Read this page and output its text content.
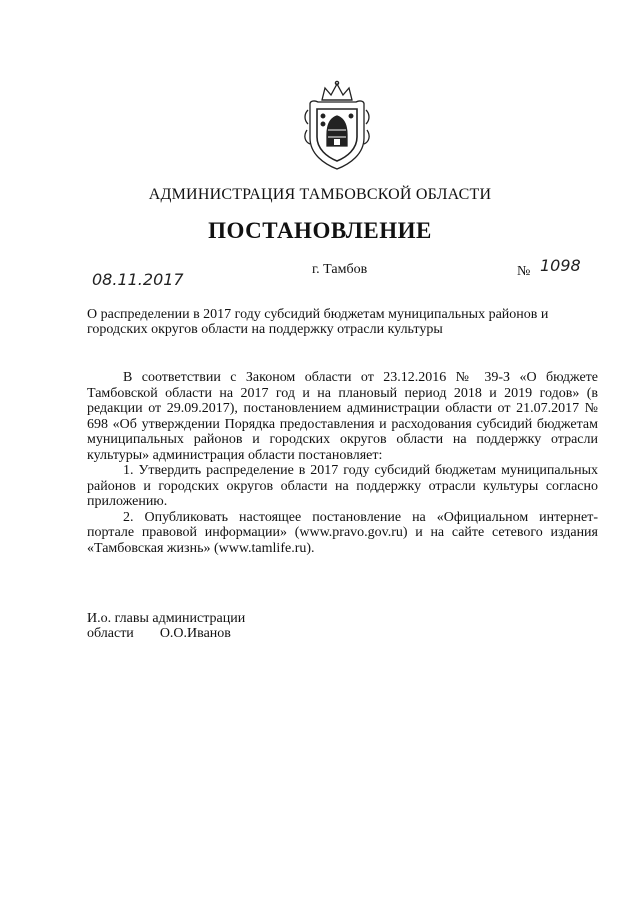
АДМИНИСТРАЦИЯ ТАМБОВСКОЙ ОБЛАСТИ
ПОСТАНОВЛЕНИЕ
08.11.2017
г. Тамбов	№ 1098
О распределении в 2017 году субсидий бюджетам муниципальных районов и городских округов области на поддержку отрасли культуры

В соответствии с Законом области от 23.12.2016 № 39-З «О бюджете Тамбовской области на 2017 год и на плановый период 2018 и 2019 годов» (в редакции от 29.09.2017), постановлением администрации области от 21.07.2017 № 698 «Об утверждении Порядка предоставления и расходования субсидий бюджетам муниципальных районов и городских округов области на поддержку отрасли культуры» администрация области постановляет:

1. Утвердить распределение в 2017 году субсидий бюджетам муниципальных районов и городских округов области на поддержку отрасли культуры согласно приложению.

2. Опубликовать настоящее постановление на «Официальном интернет-портале правовой информации» (www.pravo.gov.ru) и на сайте сетевого издания «Тамбовская жизнь» (www.tamlife.ru).

И.о. главы администрации
области О.О.Иванов
